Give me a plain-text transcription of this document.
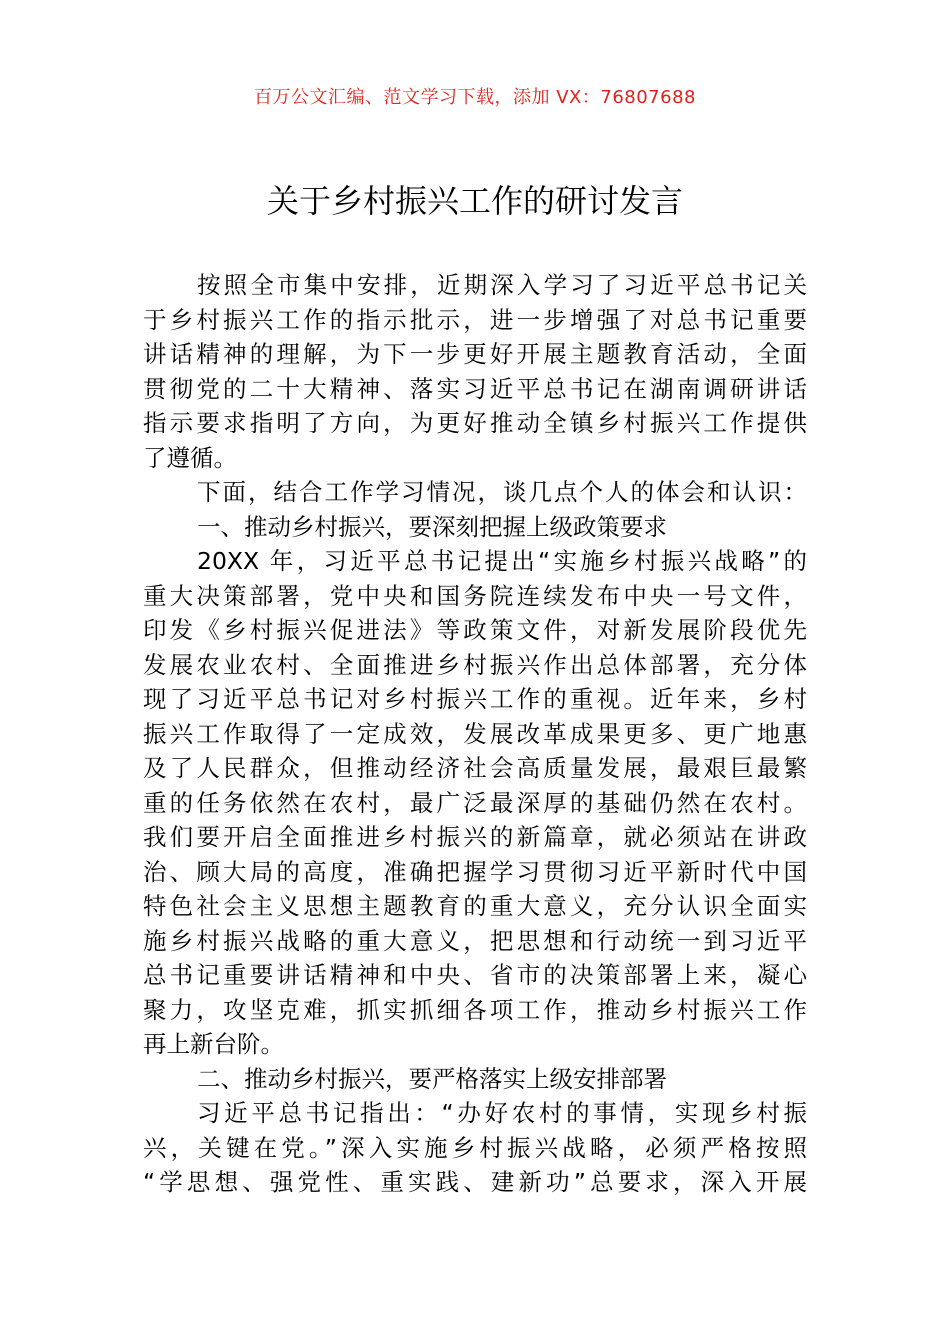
百万公文汇编、范文学习下载，添加 VX：76807688
关于乡村振兴工作的研讨发言
按照全市集中安排，近期深入学习了习近平总书记关
于乡村振兴工作的指示批示，进一步增强了对总书记重要
讲话精神的理解，为下一步更好开展主题教育活动，全面
贯彻党的二十大精神、落实习近平总书记在湖南调研讲话
指示要求指明了方向，为更好推动全镇乡村振兴工作提供
了遵循。
下面，结合工作学习情况，谈几点个人的体会和认识：
一、推动乡村振兴，要深刻把握上级政策要求
20XX 年，习近平总书记提出“实施乡村振兴战略”的
重大决策部署，党中央和国务院连续发布中央一号文件，
印发《乡村振兴促进法》等政策文件，对新发展阶段优先
发展农业农村、全面推进乡村振兴作出总体部署，充分体
现了习近平总书记对乡村振兴工作的重视。近年来，乡村
振兴工作取得了一定成效，发展改革成果更多、更广地惠
及了人民群众，但推动经济社会高质量发展，最艰巨最繁
重的任务依然在农村，最广泛最深厚的基础仍然在农村。
我们要开启全面推进乡村振兴的新篇章，就必须站在讲政
治、顾大局的高度，准确把握学习贯彻习近平新时代中国
特色社会主义思想主题教育的重大意义，充分认识全面实
施乡村振兴战略的重大意义，把思想和行动统一到习近平
总书记重要讲话精神和中央、省市的决策部署上来，凝心
聚力，攻坚克难，抓实抓细各项工作，推动乡村振兴工作
再上新台阶。
二、推动乡村振兴，要严格落实上级安排部署
习近平总书记指出：“办好农村的事情，实现乡村振
兴，关键在党。”深入实施乡村振兴战略，必须严格按照
“学思想、强党性、重实践、建新功”总要求，深入开展
